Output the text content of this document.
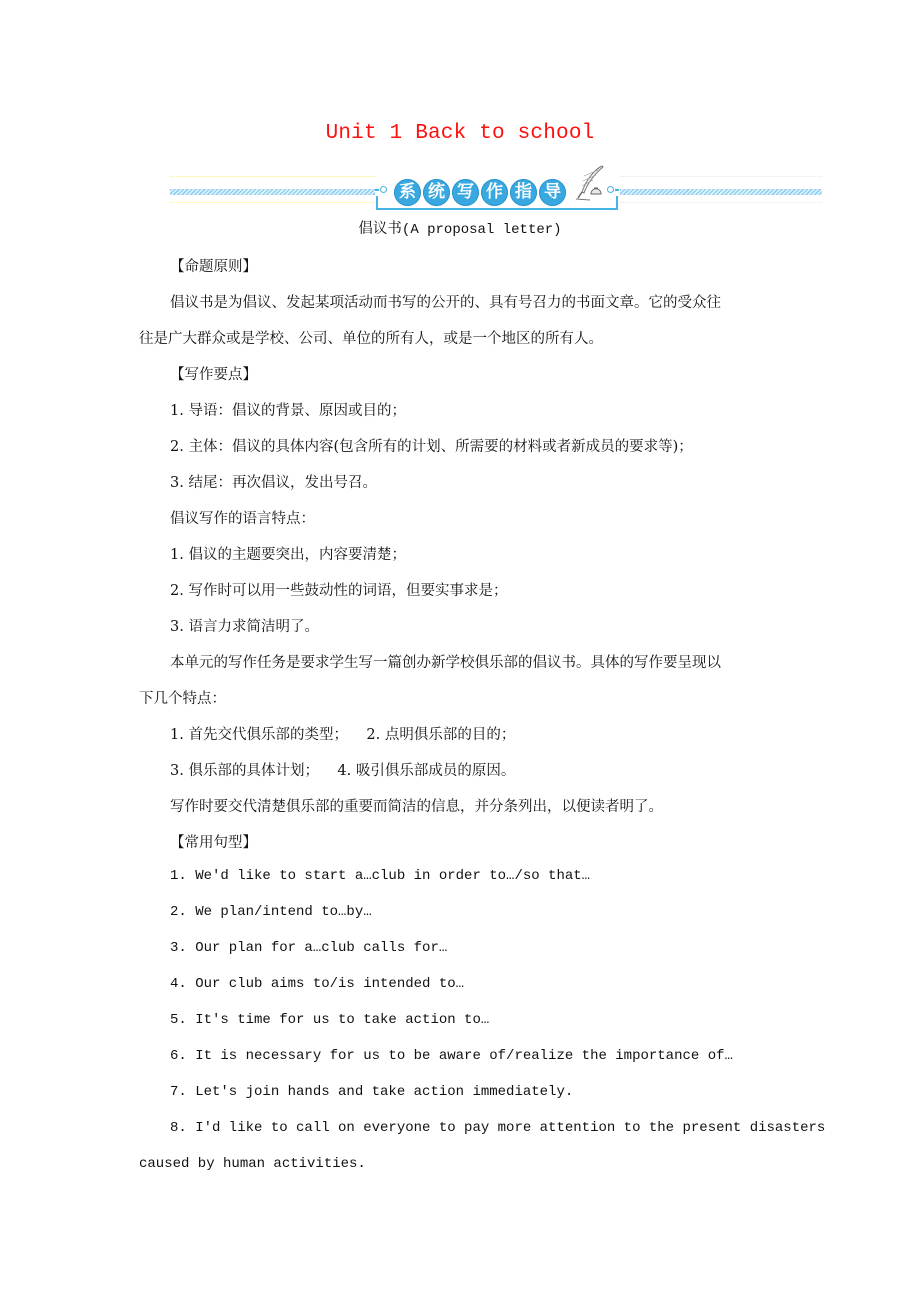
Unit 1 Back to school
系 统 写 作 指 导
倡议书(A proposal letter)
【命题原则】
倡议书是为倡议、发起某项活动而书写的公开的、具有号召力的书面文章。它的受众往
往是广大群众或是学校、公司、单位的所有人，或是一个地区的所有人。
【写作要点】
1. 导语：倡议的背景、原因或目的；
2. 主体：倡议的具体内容(包含所有的计划、所需要的材料或者新成员的要求等)；
3. 结尾：再次倡议，发出号召。
倡议写作的语言特点：
1. 倡议的主题要突出，内容要清楚；
2. 写作时可以用一些鼓动性的词语，但要实事求是；
3. 语言力求简洁明了。
本单元的写作任务是要求学生写一篇创办新学校俱乐部的倡议书。具体的写作要呈现以
下几个特点：
1. 首先交代俱乐部的类型；    2. 点明俱乐部的目的；
3. 俱乐部的具体计划；    4. 吸引俱乐部成员的原因。
写作时要交代清楚俱乐部的重要而简洁的信息，并分条列出，以便读者明了。
【常用句型】
1. We'd like to start a…club in order to…/so that…
2. We plan/intend to…by…
3. Our plan for a…club calls for…
4. Our club aims to/is intended to…
5. It's time for us to take action to…
6. It is necessary for us to be aware of/realize the importance of…
7. Let's join hands and take action immediately.
8. I'd like to call on everyone to pay more attention to the present disasters
caused by human activities.
